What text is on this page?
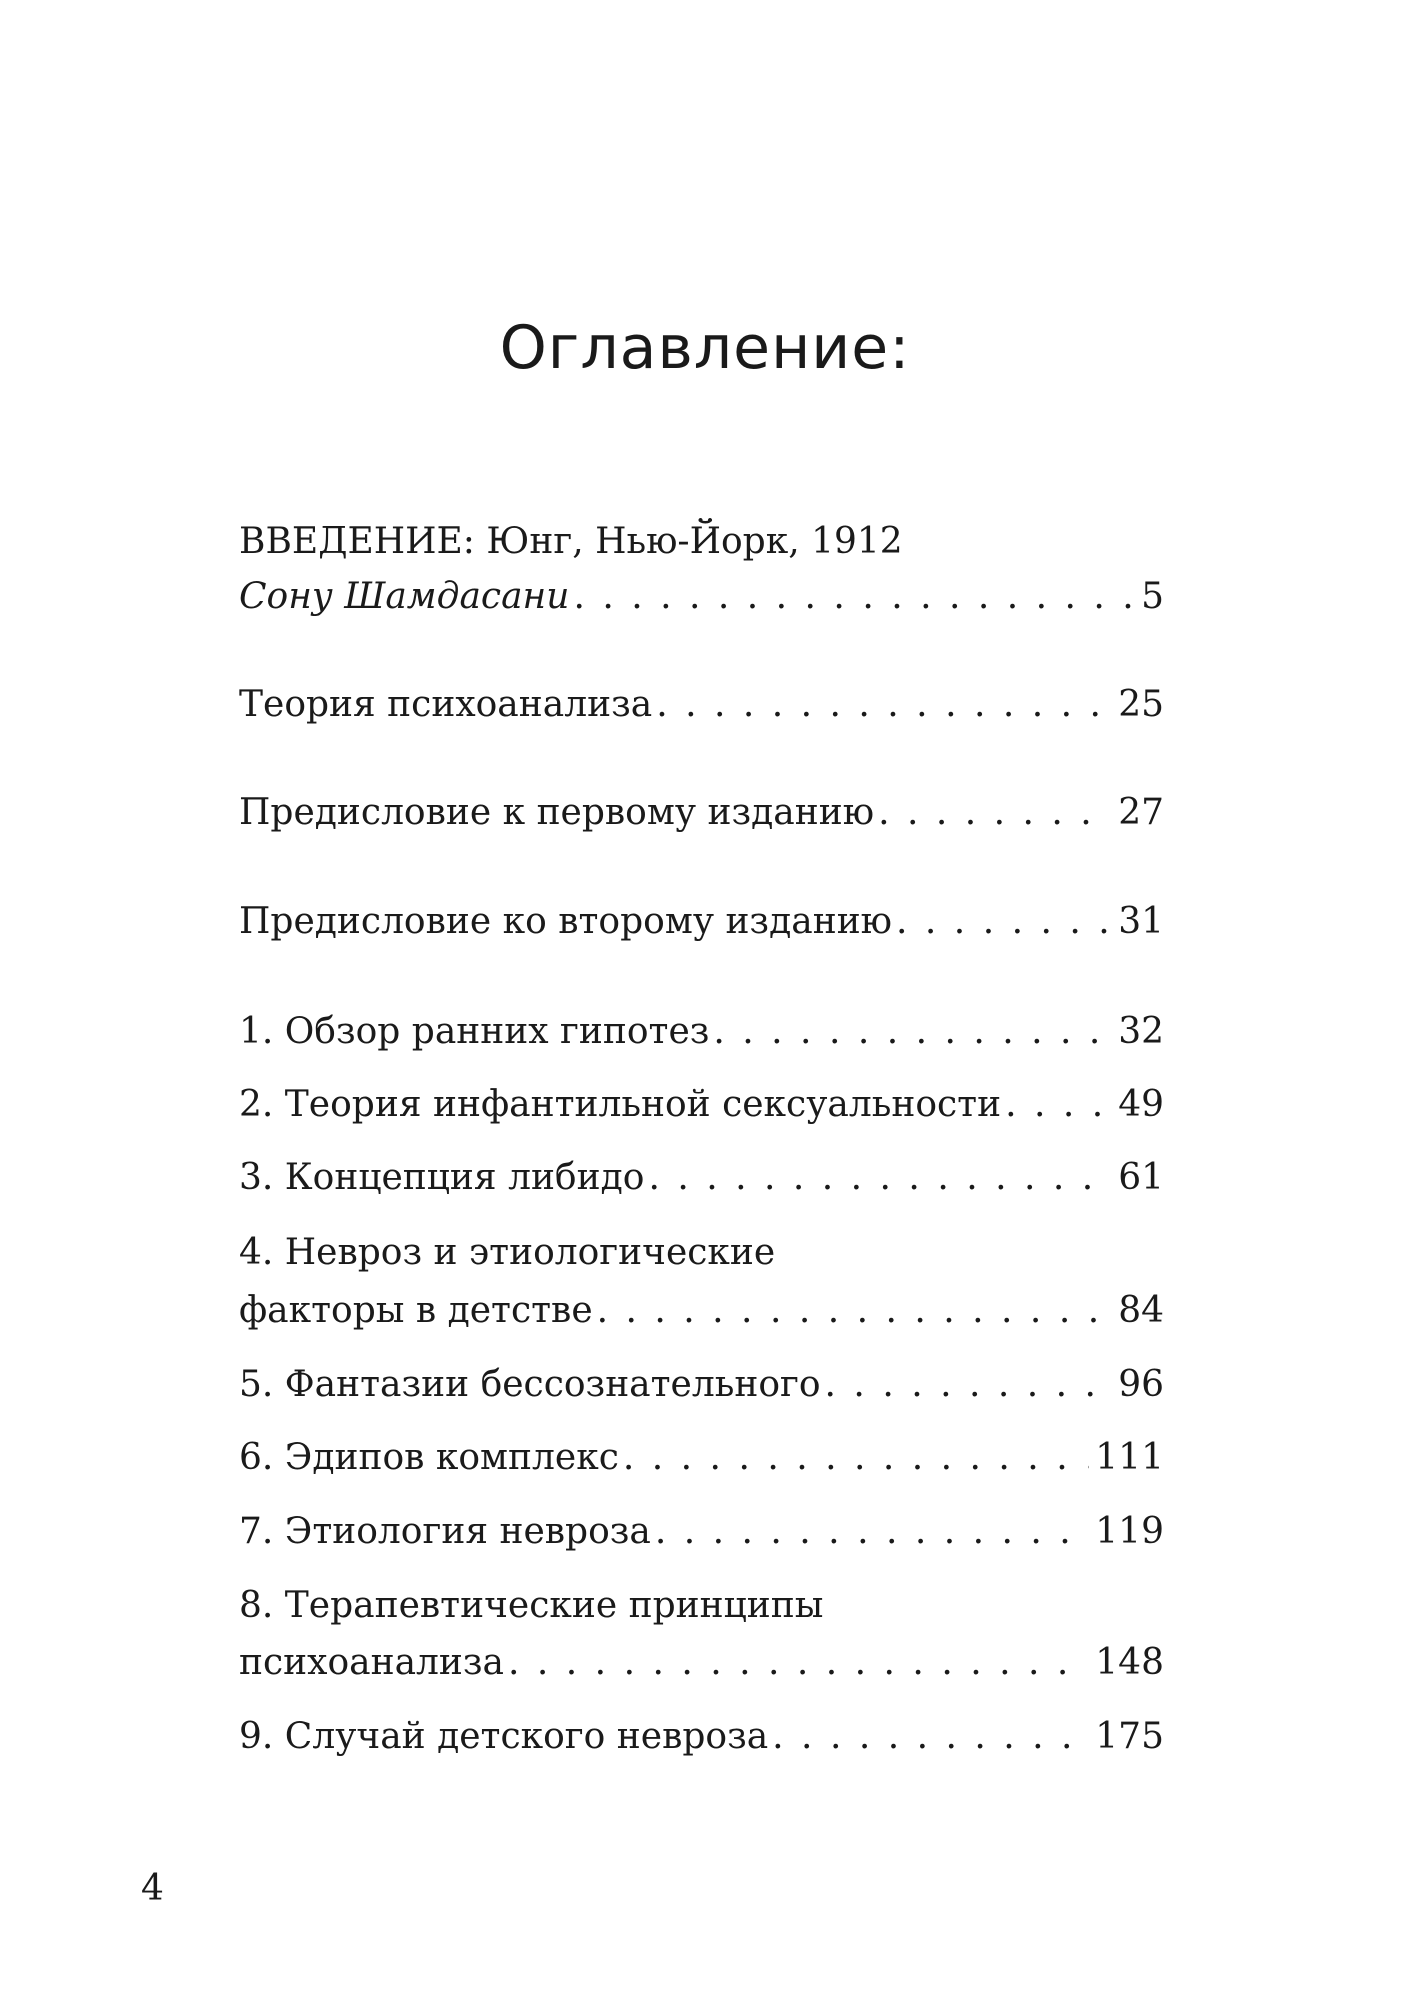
Оглавление:
ВВЕДЕНИЕ: Юнг, Нью-Йорк, 1912
Сону Шамдасани . . .	5
Теория психоанализа . . .	25
Предисловие к первому изданию . . .	27
Предисловие ко второму изданию . . .	31
1. Обзор ранних гипотез . . .	32
2. Теория инфантильной сексуальности . . .	49
3. Концепция либидо . . .	61
4. Невроз и этиологические
факторы в детстве . . .	84
5. Фантазии бессознательного . . .	96
6. Эдипов комплекс . . .	111
7. Этиология невроза . . .	119
8. Терапевтические принципы
психоанализа . . .	148
9. Случай детского невроза . . .	175
4
